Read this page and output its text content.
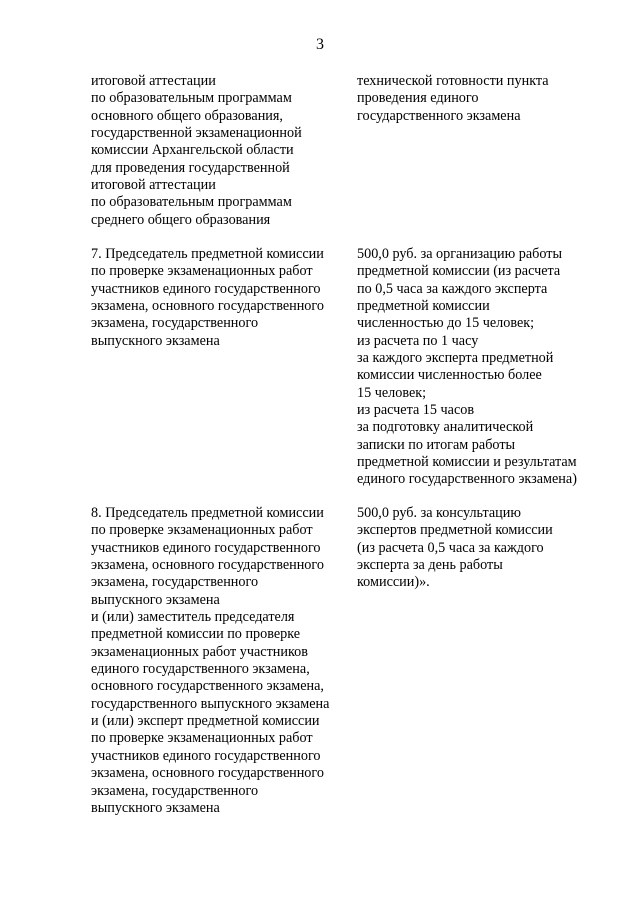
3
итоговой аттестации
по образовательным программам
основного общего образования,
государственной экзаменационной
комиссии Архангельской области
для проведения государственной
итоговой аттестации
по образовательным программам
среднего общего образования
технической готовности пункта
проведения единого
государственного экзамена
7. Председатель предметной комиссии
по проверке экзаменационных работ
участников единого государственного
экзамена, основного государственного
экзамена, государственного
выпускного экзамена
500,0 руб. за организацию работы
предметной комиссии (из расчета
по 0,5 часа за каждого эксперта
предметной комиссии
численностью до 15 человек;
из расчета по 1 часу
за каждого эксперта предметной
комиссии численностью более
15 человек;
из расчета 15 часов
за подготовку аналитической
записки по итогам работы
предметной комиссии и результатам
единого государственного экзамена)
8. Председатель предметной комиссии
по проверке экзаменационных работ
участников единого государственного
экзамена, основного государственного
экзамена, государственного
выпускного экзамена
и (или) заместитель председателя
предметной комиссии по проверке
экзаменационных работ участников
единого государственного экзамена,
основного государственного экзамена,
государственного выпускного экзамена
и (или) эксперт предметной комиссии
по проверке экзаменационных работ
участников единого государственного
экзамена, основного государственного
экзамена, государственного
выпускного экзамена
500,0 руб. за консультацию
экспертов предметной комиссии
(из расчета 0,5 часа за каждого
эксперта за день работы
комиссии)».
